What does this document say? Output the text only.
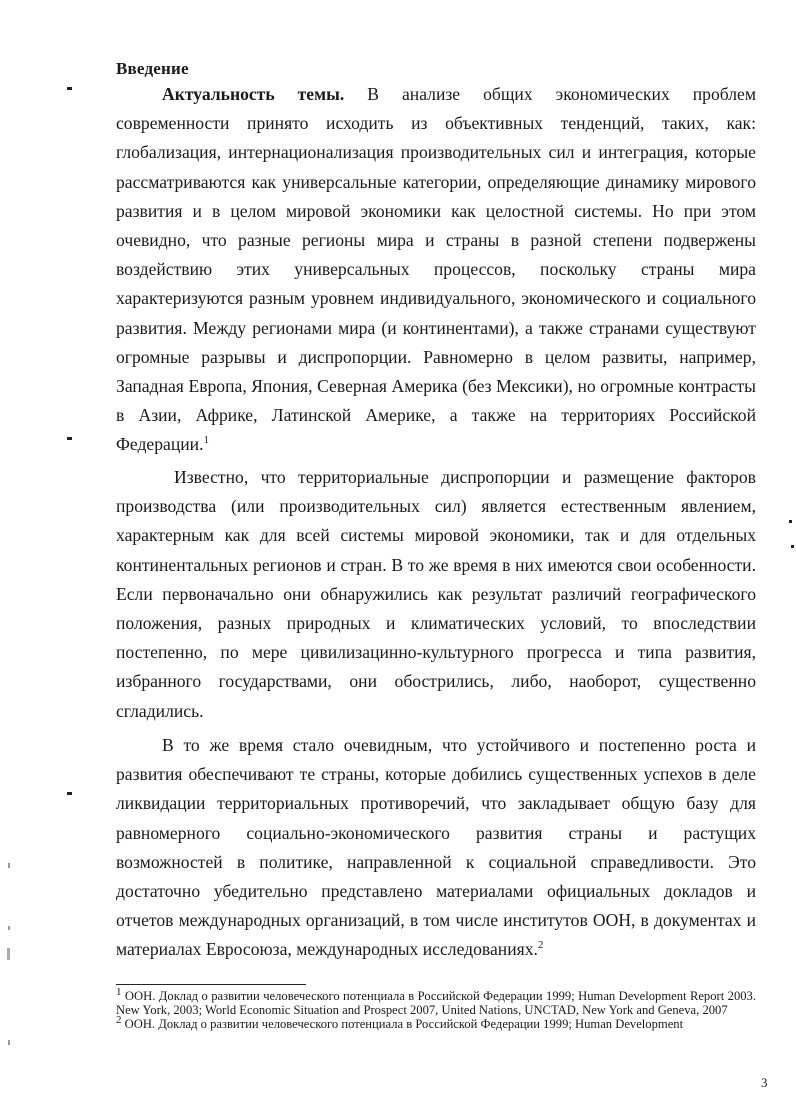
Введение
Актуальность темы. В анализе общих экономических проблем современности принято исходить из объективных тенденций, таких, как: глобализация, интернационализация производительных сил и интеграция, которые рассматриваются как универсальные категории, определяющие динамику мирового развития и в целом мировой экономики как целостной системы. Но при этом очевидно, что разные регионы мира и страны в разной степени подвержены воздействию этих универсальных процессов, поскольку страны мира характеризуются разным уровнем индивидуального, экономического и социального развития. Между регионами мира (и континентами), а также странами существуют огромные разрывы и диспропорции. Равномерно в целом развиты, например, Западная Европа, Япония, Северная Америка (без Мексики), но огромные контрасты в Азии, Африке, Латинской Америке, а также на территориях Российской Федерации.$^1$
Известно, что территориальные диспропорции и размещение факторов производства (или производительных сил) является естественным явлением, характерным как для всей системы мировой экономики, так и для отдельных континентальных регионов и стран. В то же время в них имеются свои особенности. Если первоначально они обнаружились как результат различий географического положения, разных природных и климатических условий, то впоследствии постепенно, по мере цивилизацинно-культурного прогресса и типа развития, избранного государствами, они обострились, либо, наоборот, существенно сгладились.
В то же время стало очевидным, что устойчивого и постепенно роста и развития обеспечивают те страны, которые добились существенных успехов в деле ликвидации территориальных противоречий, что закладывает общую базу для равномерного социально-экономического развития страны и растущих возможностей в политике, направленной к социальной справедливости. Это достаточно убедительно представлено материалами официальных докладов и отчетов международных организаций, в том числе институтов ООН, в документах и материалах Евросоюза, международных исследованиях.$^2$

$^1$ ООН. Доклад о развитии человеческого потенциала в Российской Федерации 1999; Human Development Report 2003. New York, 2003; World Economic Situation and Prospect 2007, United Nations, UNCTAD, New York and Geneva, 2007

$^2$ ООН. Доклад о развитии человеческого потенциала в Российской Федерации 1999; Human Development

3
